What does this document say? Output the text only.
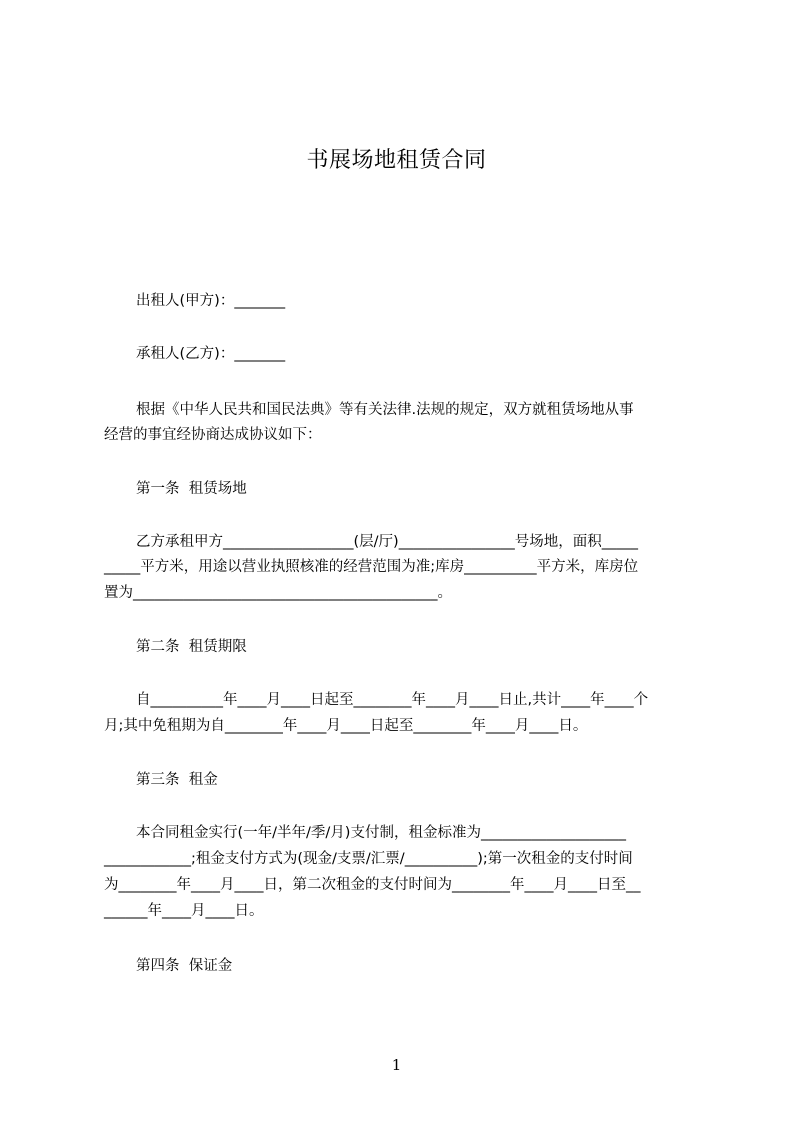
书展场地租赁合同
出租人(甲方)：_______
承租人(乙方)：_______
根据《中华人民共和国民法典》等有关法律.法规的规定，双方就租赁场地从事
经营的事宜经协商达成协议如下：
第一条  租赁场地
乙方承租甲方__________________(层/厅)________________号场地，面积_____
_____平方米，用途以营业执照核准的经营范围为准;库房__________平方米，库房位
置为__________________________________________。
第二条  租赁期限
自__________年____月____日起至________年____月____日止,共计____年____个
月;其中免租期为自________年____月____日起至________年____月____日。
第三条  租金
本合同租金实行(一年/半年/季/月)支付制，租金标准为____________________
____________;租金支付方式为(现金/支票/汇票/__________);第一次租金的支付时间
为________年____月____日，第二次租金的支付时间为________年____月____日至__
______年____月____日。
第四条  保证金
1
